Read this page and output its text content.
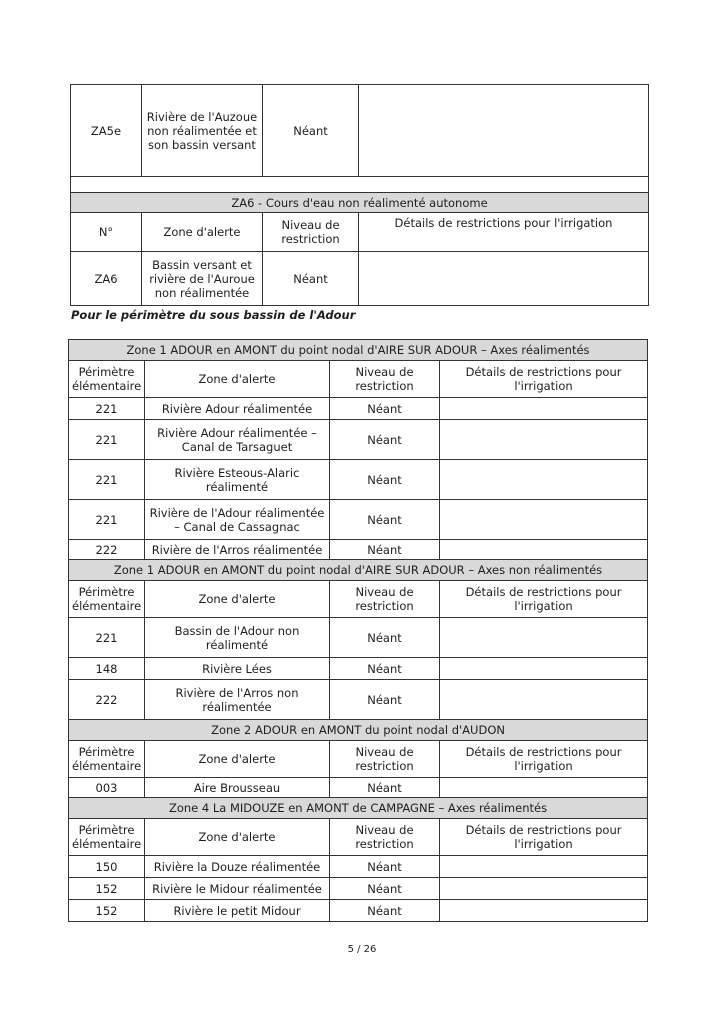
ZA5e	Rivière de l'Auzoue
non réalimentée et
son bassin versant	Néant	

ZA6 - Cours d'eau non réalimenté autonome			
N°	Zone d'alerte	Niveau de
restriction	Détails de restrictions pour l'irrigation
ZA6	Bassin versant et
rivière de l'Auroue
non réalimentée	Néant	
Pour le périmètre du sous bassin de l'Adour
Zone 1 ADOUR en AMONT du point nodal d'AIRE SUR ADOUR – Axes réalimentés			
Périmètre
élémentaire	Zone d'alerte	Niveau de
restriction	Détails de restrictions pour
l'irrigation
221	Rivière Adour réalimentée	Néant	
221	Rivière Adour réalimentée –
Canal de Tarsaguet	Néant	
221	Rivière Esteous-Alaric
réalimenté	Néant	
221	Rivière de l'Adour réalimentée
– Canal de Cassagnac	Néant	
222	Rivière de l'Arros réalimentée	Néant	
Zone 1 ADOUR en AMONT du point nodal d'AIRE SUR ADOUR – Axes non réalimentés			
Périmètre
élémentaire	Zone d'alerte	Niveau de
restriction	Détails de restrictions pour
l'irrigation
221	Bassin de l'Adour non
réalimenté	Néant	
148	Rivière Lées	Néant	
222	Rivière de l'Arros non
réalimentée	Néant	
Zone 2 ADOUR en AMONT du point nodal d'AUDON			
Périmètre
élémentaire	Zone d'alerte	Niveau de
restriction	Détails de restrictions pour
l'irrigation
003	Aire Brousseau	Néant	
Zone 4 La MIDOUZE en AMONT de CAMPAGNE – Axes réalimentés			
Périmètre
élémentaire	Zone d'alerte	Niveau de
restriction	Détails de restrictions pour
l'irrigation
150	Rivière la Douze réalimentée	Néant	
152	Rivière le Midour réalimentée	Néant	
152	Rivière le petit Midour	Néant	
5 / 26
